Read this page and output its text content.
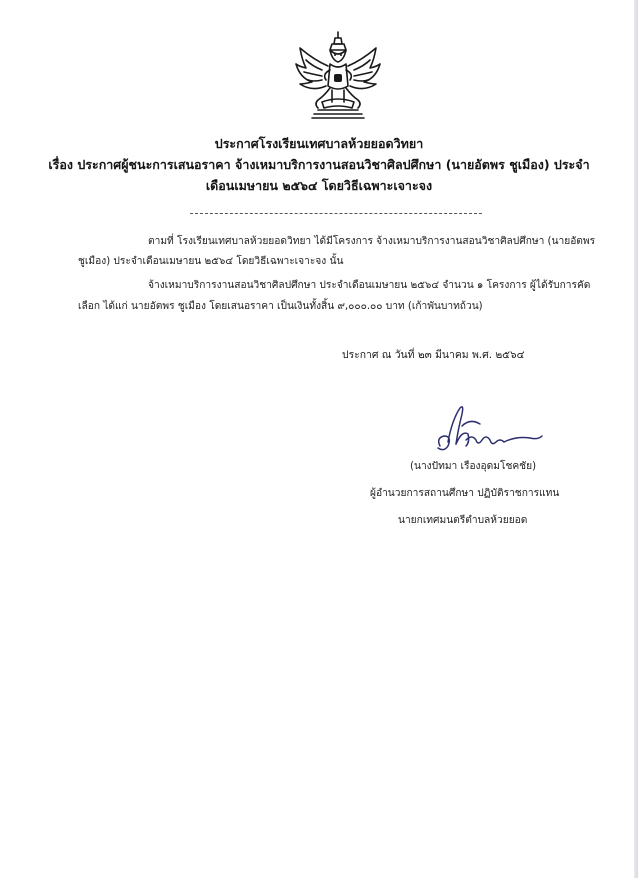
ประกาศโรงเรียนเทศบาลห้วยยอดวิทยา
เรื่อง ประกาศผู้ชนะการเสนอราคา จ้างเหมาบริการงานสอนวิชาศิลปศึกษา (นายอัตพร ชูเมือง) ประจำ
เดือนเมษายน ๒๕๖๔ โดยวิธีเฉพาะเจาะจง
ตามที่ โรงเรียนเทศบาลห้วยยอดวิทยา ได้มีโครงการ จ้างเหมาบริการงานสอนวิชาศิลปศึกษา (นายอัตพร
ชูเมือง) ประจำเดือนเมษายน ๒๕๖๔ โดยวิธีเฉพาะเจาะจง นั้น
จ้างเหมาบริการงานสอนวิชาศิลปศึกษา ประจำเดือนเมษายน ๒๕๖๔ จำนวน ๑ โครงการ ผู้ได้รับการคัด
เลือก ได้แก่ นายอัตพร ชูเมือง โดยเสนอราคา เป็นเงินทั้งสิ้น ๙,๐๐๐.๐๐ บาท (เก้าพันบาทถ้วน)
ประกาศ ณ วันที่ ๒๓ มีนาคม พ.ศ. ๒๕๖๔
(นางปัทมา เรืองอุดมโชคชัย)
ผู้อำนวยการสถานศึกษา ปฏิบัติราชการแทน
นายกเทศมนตรีตำบลห้วยยอด
